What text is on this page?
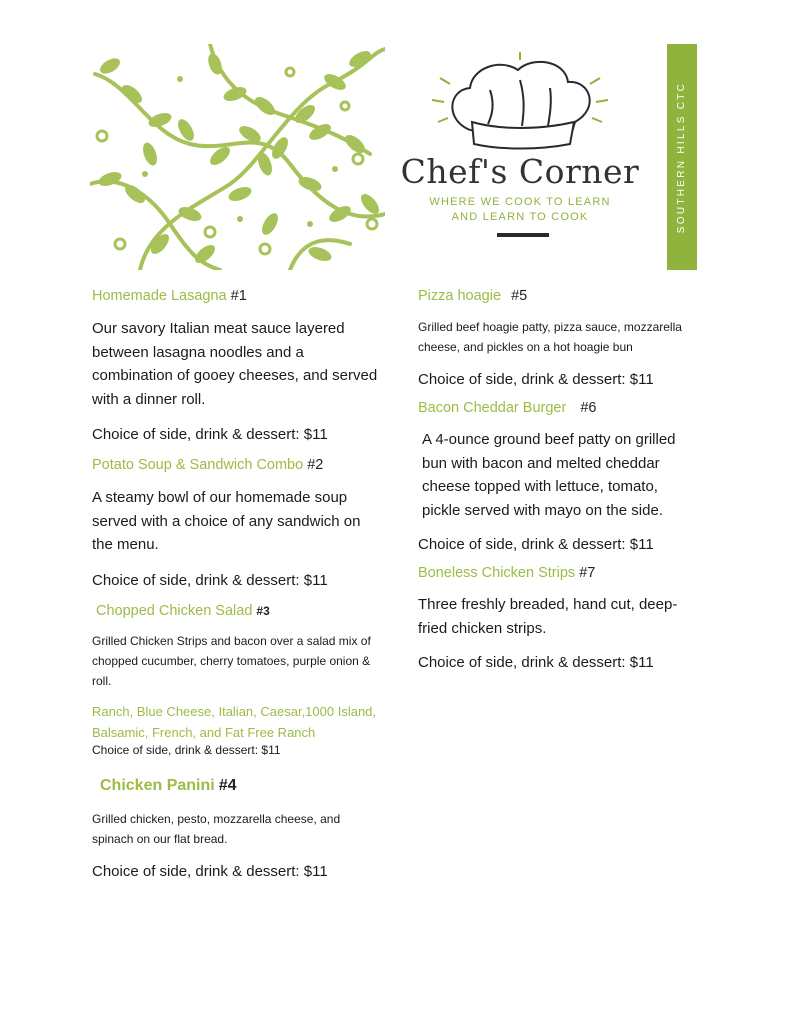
Chef's Corner
WHERE WE COOK TO LEARN
AND LEARN TO COOK	SOUTHERN HILLS CTC

Homemade Lasagna #1

Our savory Italian meat sauce layered between lasagna noodles and a combination of gooey cheeses, and served with a dinner roll.

Choice of side, drink & dessert: $11

Potato Soup & Sandwich Combo #2

A steamy bowl of our homemade soup served with a choice of any sandwich on the menu.

Choice of side, drink & dessert: $11

Chopped Chicken Salad #3

Grilled Chicken Strips and bacon over a salad mix of chopped cucumber, cherry tomatoes, purple onion & roll.

Ranch, Blue Cheese, Italian, Caesar,1000 Island, Balsamic, French, and Fat Free Ranch

Choice of side, drink & dessert: $11

Chicken Panini #4

Grilled chicken, pesto, mozzarella cheese, and spinach on our flat bread.

Choice of side, drink & dessert: $11

Pizza hoagie #5

Grilled beef hoagie patty, pizza sauce, mozzarella cheese, and pickles on a hot hoagie bun

Choice of side, drink & dessert: $11

Bacon Cheddar Burger #6

A 4-ounce ground beef patty on grilled bun with bacon and melted cheddar cheese topped with lettuce, tomato, pickle served with mayo on the side.

Choice of side, drink & dessert: $11

Boneless Chicken Strips #7

Three freshly breaded, hand cut, deep-fried chicken strips.

Choice of side, drink & dessert: $11
